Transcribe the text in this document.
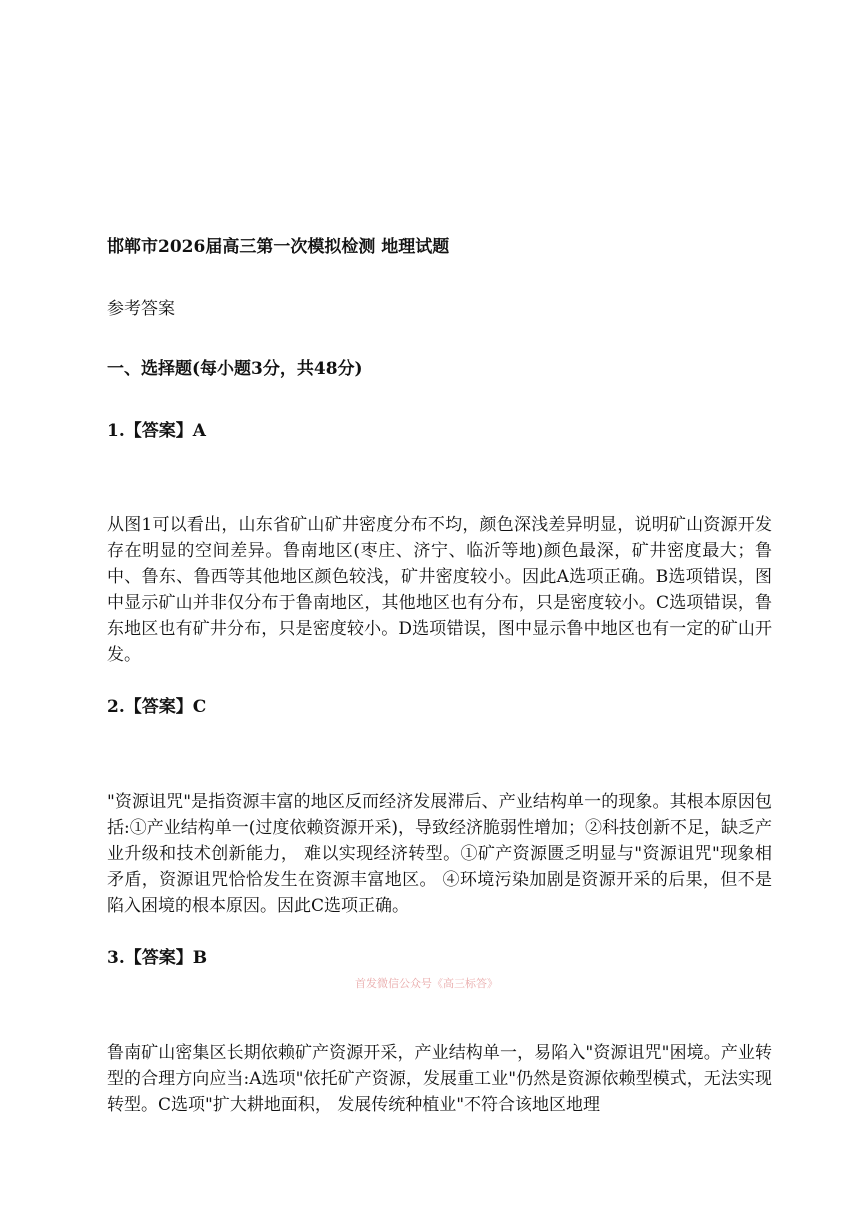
邯郸市2026届高三第一次模拟检测 地理试题
参考答案
一、选择题(每小题3分，共48分)
1.【答案】A

从图1可以看出，山东省矿山矿井密度分布不均，颜色深浅差异明显，说明矿山资源开发存在明显的空间差异。鲁南地区(枣庄、济宁、临沂等地)颜色最深，矿井密度最大；鲁中、鲁东、鲁西等其他地区颜色较浅，矿井密度较小。因此A选项正确。B选项错误，图中显示矿山并非仅分布于鲁南地区，其他地区也有分布，只是密度较小。C选项错误，鲁东地区也有矿井分布，只是密度较小。D选项错误，图中显示鲁中地区也有一定的矿山开发。

2.【答案】C

"资源诅咒"是指资源丰富的地区反而经济发展滞后、产业结构单一的现象。其根本原因包括:①产业结构单一(过度依赖资源开采)，导致经济脆弱性增加；②科技创新不足，缺乏产业升级和技术创新能力， 难以实现经济转型。①矿产资源匮乏明显与"资源诅咒"现象相矛盾，资源诅咒恰恰发生在资源丰富地区。 ④环境污染加剧是资源开采的后果，但不是陷入困境的根本原因。因此C选项正确。

3.【答案】B
首发微信公众号《高三标答》

鲁南矿山密集区长期依赖矿产资源开采，产业结构单一，易陷入"资源诅咒"困境。产业转型的合理方向应当:A选项"依托矿产资源，发展重工业"仍然是资源依赖型模式，无法实现转型。C选项"扩大耕地面积， 发展传统种植业"不符合该地区地理
